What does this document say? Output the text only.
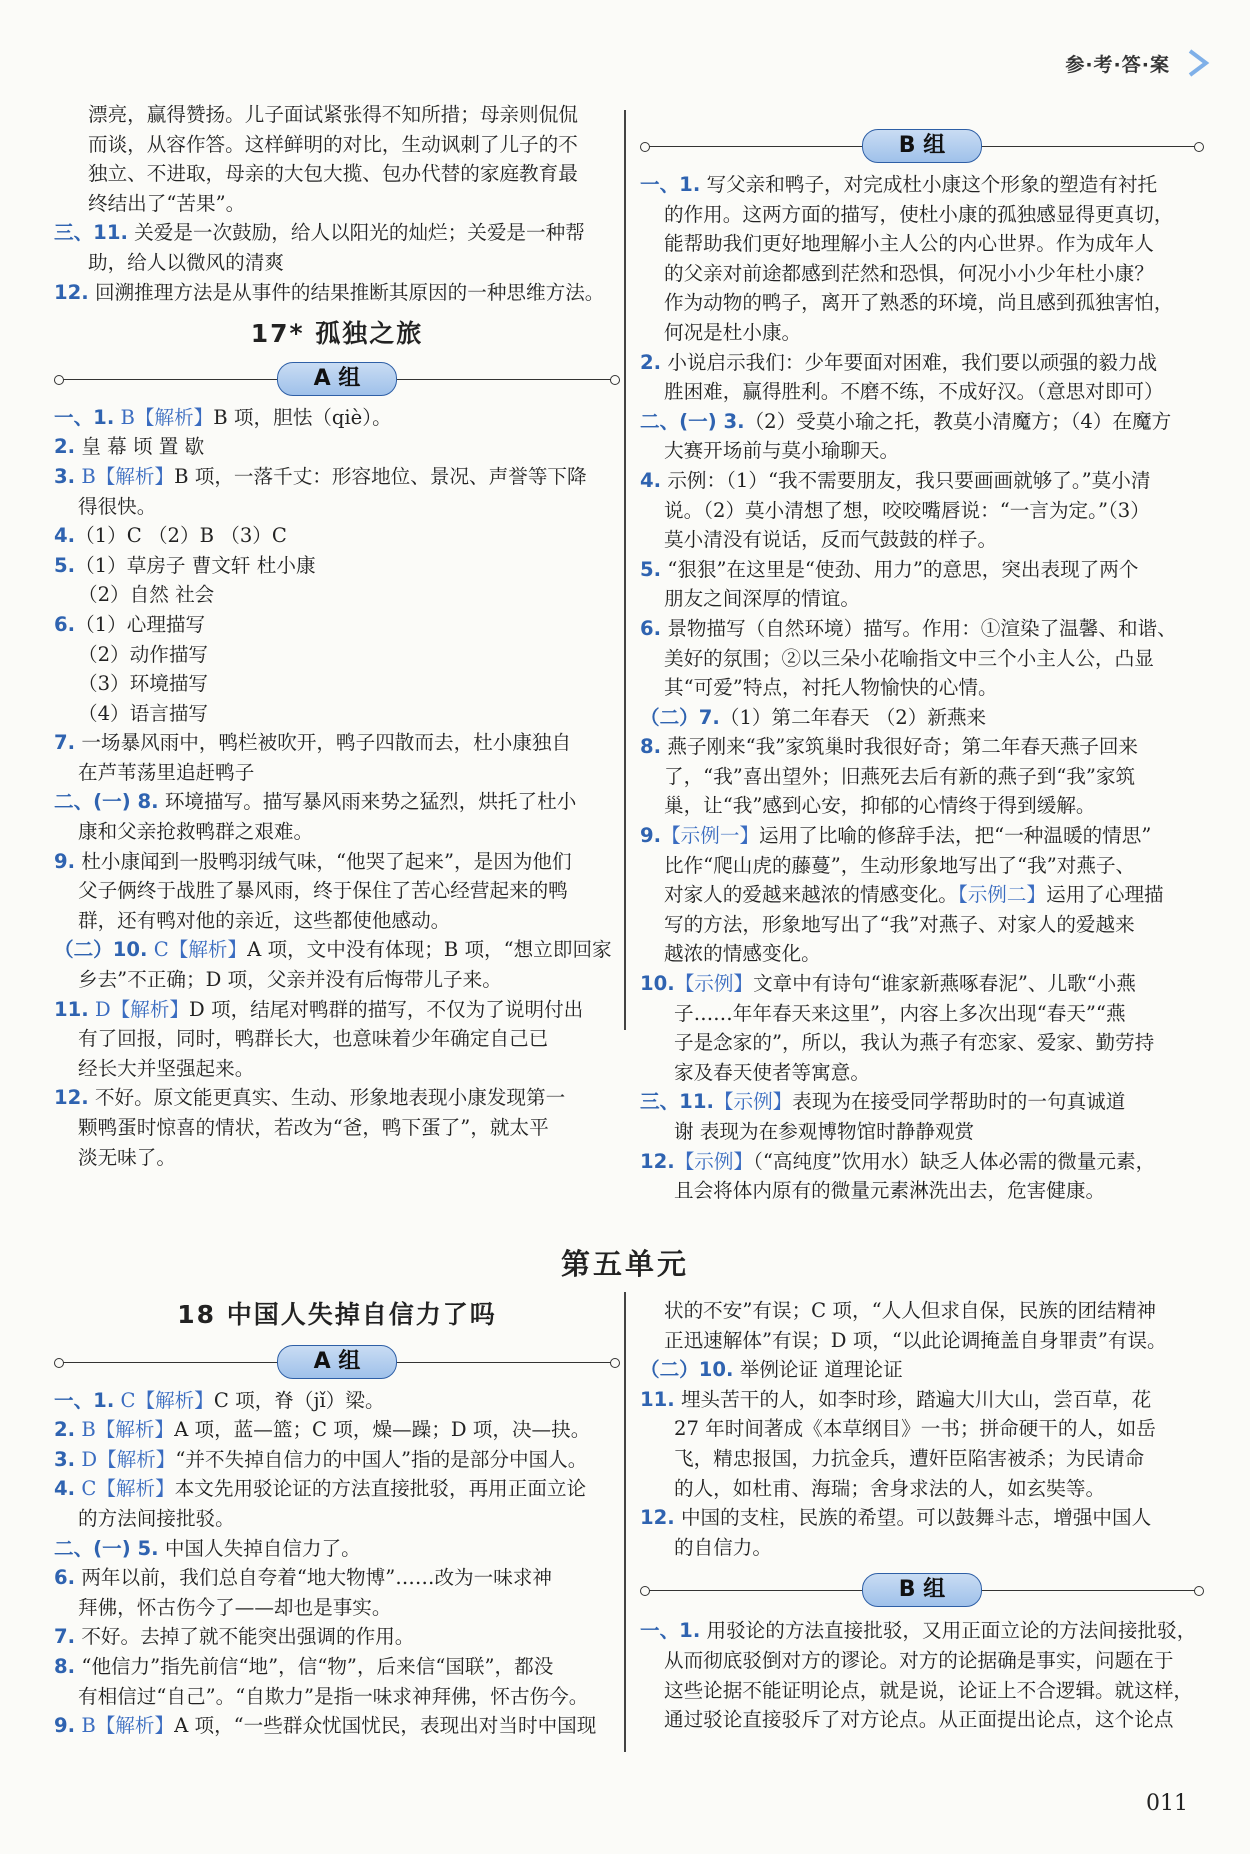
参·考·答·案

漂亮，赢得赞扬。儿子面试紧张得不知所措；母亲则侃侃

而谈，从容作答。这样鲜明的对比，生动讽刺了儿子的不

独立、不进取，母亲的大包大揽、包办代替的家庭教育最

终结出了“苦果”。

三、11. 关爱是一次鼓励，给人以阳光的灿烂；关爱是一种帮

助，给人以微风的清爽

12. 回溯推理方法是从事件的结果推断其原因的一种思维方法。

17* 孤独之旅
A 组

一、1. B【解析】B 项，胆怯（qiè）。

2. 皇 幕 顷 置 歇

3. B【解析】B 项，一落千丈：形容地位、景况、声誉等下降

得很快。

4.（1）C （2）B （3）C

5.（1）草房子 曹文轩 杜小康

（2）自然 社会

6.（1）心理描写

（2）动作描写

（3）环境描写

（4）语言描写

7. 一场暴风雨中，鸭栏被吹开，鸭子四散而去，杜小康独自

在芦苇荡里追赶鸭子

二、(一) 8. 环境描写。描写暴风雨来势之猛烈，烘托了杜小

康和父亲抢救鸭群之艰难。

9. 杜小康闻到一股鸭羽绒气味，“他哭了起来”，是因为他们

父子俩终于战胜了暴风雨，终于保住了苦心经营起来的鸭

群，还有鸭对他的亲近，这些都使他感动。

（二）10. C【解析】A 项，文中没有体现；B 项，“想立即回家

乡去”不正确；D 项，父亲并没有后悔带儿子来。

11. D【解析】D 项，结尾对鸭群的描写，不仅为了说明付出

有了回报，同时，鸭群长大，也意味着少年确定自己已

经长大并坚强起来。

12. 不好。原文能更真实、生动、形象地表现小康发现第一

颗鸭蛋时惊喜的情状，若改为“爸，鸭下蛋了”，就太平

淡无味了。

B 组

一、1. 写父亲和鸭子，对完成杜小康这个形象的塑造有衬托

的作用。这两方面的描写，使杜小康的孤独感显得更真切，

能帮助我们更好地理解小主人公的内心世界。作为成年人

的父亲对前途都感到茫然和恐惧，何况小小少年杜小康？

作为动物的鸭子，离开了熟悉的环境，尚且感到孤独害怕，

何况是杜小康。

2. 小说启示我们：少年要面对困难，我们要以顽强的毅力战

胜困难，赢得胜利。不磨不练，不成好汉。（意思对即可）

二、(一) 3.（2）受莫小瑜之托，教莫小清魔方；（4）在魔方

大赛开场前与莫小瑜聊天。

4. 示例：（1）“我不需要朋友，我只要画画就够了。”莫小清

说。（2）莫小清想了想，咬咬嘴唇说：“一言为定。”（3）

莫小清没有说话，反而气鼓鼓的样子。

5. “狠狠”在这里是“使劲、用力”的意思，突出表现了两个

朋友之间深厚的情谊。

6. 景物描写（自然环境）描写。作用：①渲染了温馨、和谐、

美好的氛围；②以三朵小花喻指文中三个小主人公，凸显

其“可爱”特点，衬托人物愉快的心情。

（二）7.（1）第二年春天 （2）新燕来

8. 燕子刚来“我”家筑巢时我很好奇；第二年春天燕子回来

了，“我”喜出望外；旧燕死去后有新的燕子到“我”家筑

巢，让“我”感到心安，抑郁的心情终于得到缓解。

9.【示例一】运用了比喻的修辞手法，把“一种温暖的情思”

比作“爬山虎的藤蔓”，生动形象地写出了“我”对燕子、

对家人的爱越来越浓的情感变化。【示例二】运用了心理描

写的方法，形象地写出了“我”对燕子、对家人的爱越来

越浓的情感变化。

10.【示例】文章中有诗句“谁家新燕啄春泥”、儿歌“小燕

子……年年春天来这里”，内容上多次出现“春天”“燕

子是念家的”，所以，我认为燕子有恋家、爱家、勤劳持

家及春天使者等寓意。

三、11.【示例】表现为在接受同学帮助时的一句真诚道

谢 表现为在参观博物馆时静静观赏

12.【示例】（“高纯度”饮用水）缺乏人体必需的微量元素，

且会将体内原有的微量元素淋洗出去，危害健康。

第五单元
18 中国人失掉自信力了吗
A 组

一、1. C【解析】C 项，脊（jǐ）梁。

2. B【解析】A 项，蓝—篮；C 项，燥—躁；D 项，决—抉。

3. D【解析】“并不失掉自信力的中国人”指的是部分中国人。

4. C【解析】本文先用驳论证的方法直接批驳，再用正面立论

的方法间接批驳。

二、(一) 5. 中国人失掉自信力了。

6. 两年以前，我们总自夸着“地大物博”……改为一味求神

拜佛，怀古伤今了——却也是事实。

7. 不好。去掉了就不能突出强调的作用。

8. “他信力”指先前信“地”，信“物”，后来信“国联”，都没

有相信过“自己”。“自欺力”是指一味求神拜佛，怀古伤今。

9. B【解析】A 项，“一些群众忧国忧民，表现出对当时中国现

状的不安”有误；C 项，“人人但求自保，民族的团结精神

正迅速解体”有误；D 项，“以此论调掩盖自身罪责”有误。

（二）10. 举例论证 道理论证

11. 埋头苦干的人，如李时珍，踏遍大川大山，尝百草，花

27 年时间著成《本草纲目》一书；拼命硬干的人，如岳

飞，精忠报国，力抗金兵，遭奸臣陷害被杀；为民请命

的人，如杜甫、海瑞；舍身求法的人，如玄奘等。

12. 中国的支柱，民族的希望。可以鼓舞斗志，增强中国人

的自信力。

B 组

一、1. 用驳论的方法直接批驳，又用正面立论的方法间接批驳，

从而彻底驳倒对方的谬论。对方的论据确是事实，问题在于

这些论据不能证明论点，就是说，论证上不合逻辑。就这样，

通过驳论直接驳斥了对方论点。从正面提出论点，这个论点

011
